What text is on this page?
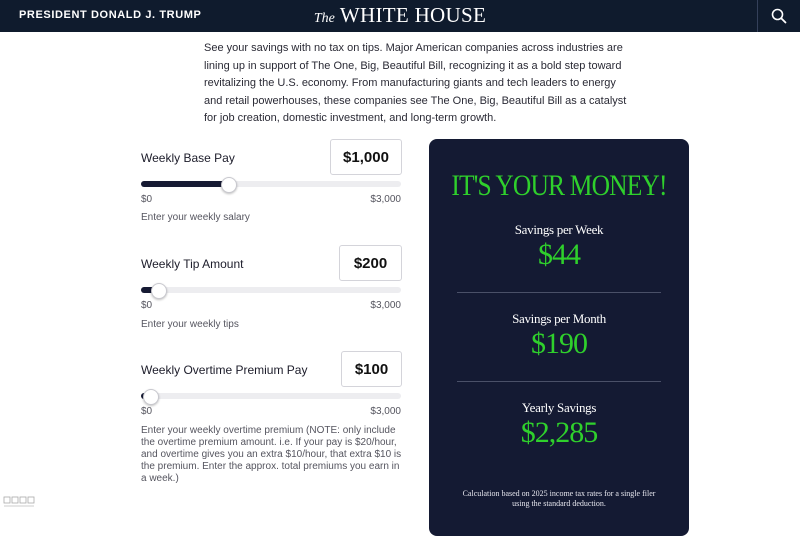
PRESIDENT DONALD J. TRUMP	The WHITE HOUSE

See your savings with no tax on tips. Major American companies across industries are lining up in support of The One, Big, Beautiful Bill, recognizing it as a bold step toward revitalizing the U.S. economy. From manufacturing giants and tech leaders to energy and retail powerhouses, these companies see The One, Big, Beautiful Bill as a catalyst for job creation, domestic investment, and long-term growth.

Weekly Base Pay	$1,000
$0	$3,000

Enter your weekly salary

Weekly Tip Amount	$200
$0	$3,000

Enter your weekly tips

Weekly Overtime Premium Pay	$100
$0	$3,000

Enter your weekly overtime premium (NOTE: only include the overtime premium amount. i.e. If your pay is $20/hour, and overtime gives you an extra $10/hour, that extra $10 is the premium. Enter the approx. total premiums you earn in a week.)

IT'S YOUR MONEY!
Savings per Week
$44
Savings per Month
$190
Yearly Savings
$2,285

Calculation based on 2025 income tax rates for a single filer using the standard deduction.
